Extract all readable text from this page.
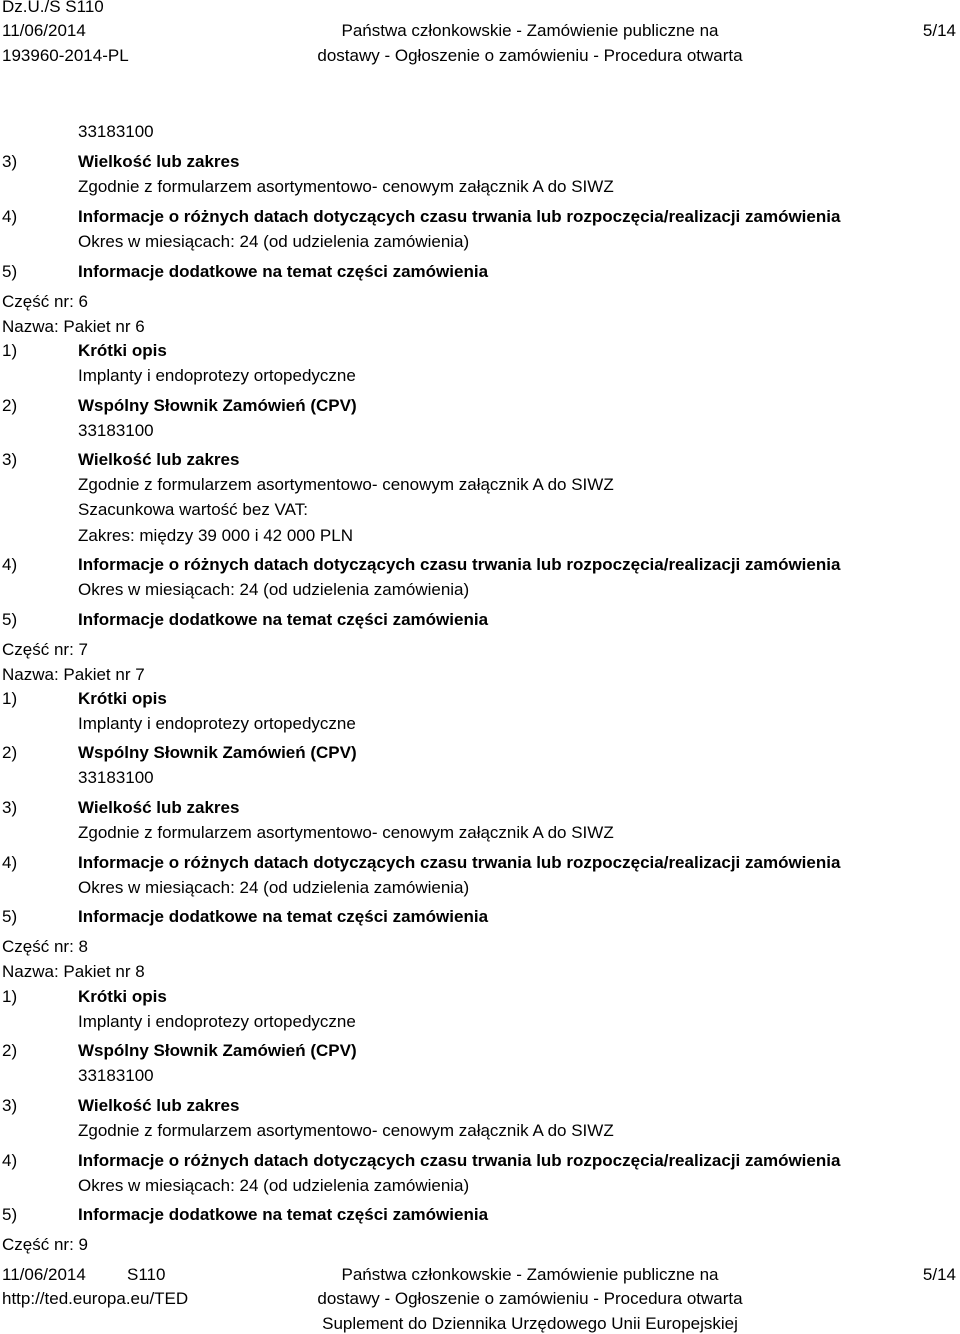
Dz.U./S S110
11/06/2014
193960-2014-PL
Państwa członkowskie - Zamówienie publiczne na
dostawy - Ogłoszenie o zamówieniu - Procedura otwarta
5/14
33183100
3)	Wielkość lub zakres
Zgodnie z formularzem asortymentowo- cenowym załącznik A do SIWZ
4)	Informacje o różnych datach dotyczących czasu trwania lub rozpoczęcia/realizacji zamówienia
Okres w miesiącach: 24 (od udzielenia zamówienia)
5)	Informacje dodatkowe na temat części zamówienia
Część nr: 6
Nazwa: Pakiet nr 6
1)	Krótki opis
Implanty i endoprotezy ortopedyczne
2)	Wspólny Słownik Zamówień (CPV)
33183100
3)	Wielkość lub zakres
Zgodnie z formularzem asortymentowo- cenowym załącznik A do SIWZ
Szacunkowa wartość bez VAT:
Zakres: między 39 000 i 42 000 PLN
4)	Informacje o różnych datach dotyczących czasu trwania lub rozpoczęcia/realizacji zamówienia
Okres w miesiącach: 24 (od udzielenia zamówienia)
5)	Informacje dodatkowe na temat części zamówienia
Część nr: 7
Nazwa: Pakiet nr 7
1)	Krótki opis
Implanty i endoprotezy ortopedyczne
2)	Wspólny Słownik Zamówień (CPV)
33183100
3)	Wielkość lub zakres
Zgodnie z formularzem asortymentowo- cenowym załącznik A do SIWZ
4)	Informacje o różnych datach dotyczących czasu trwania lub rozpoczęcia/realizacji zamówienia
Okres w miesiącach: 24 (od udzielenia zamówienia)
5)	Informacje dodatkowe na temat części zamówienia
Część nr: 8
Nazwa: Pakiet nr 8
1)	Krótki opis
Implanty i endoprotezy ortopedyczne
2)	Wspólny Słownik Zamówień (CPV)
33183100
3)	Wielkość lub zakres
Zgodnie z formularzem asortymentowo- cenowym załącznik A do SIWZ
4)	Informacje o różnych datach dotyczących czasu trwania lub rozpoczęcia/realizacji zamówienia
Okres w miesiącach: 24 (od udzielenia zamówienia)
5)	Informacje dodatkowe na temat części zamówienia
Część nr: 9
11/06/2014 S110
http://ted.europa.eu/TED
Państwa członkowskie - Zamówienie publiczne na
dostawy - Ogłoszenie o zamówieniu - Procedura otwarta
Suplement do Dziennika Urzędowego Unii Europejskiej
5/14
